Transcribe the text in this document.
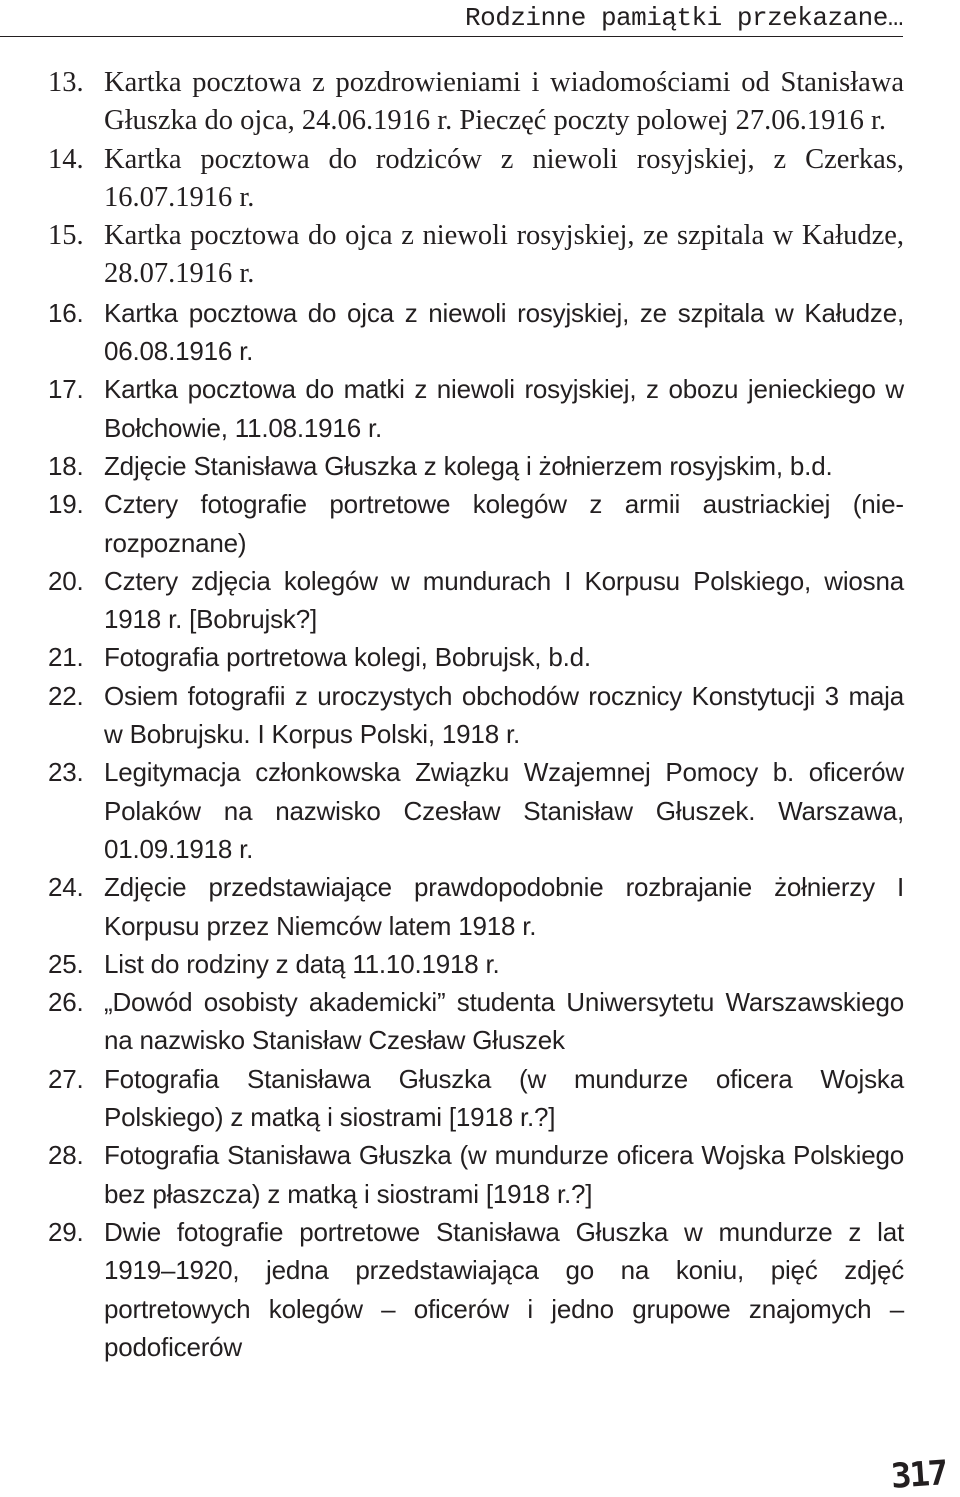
Rodzinne pamiątki przekazane…
13. Kartka pocztowa z pozdrowieniami i wiadomościami od Stanisława Głuszka do ojca, 24.06.1916 r. Pieczęć poczty polowej 27.06.1916 r.
14. Kartka pocztowa do rodziców z niewoli rosyjskiej, z Czerkas, 16.07.1916 r.
15. Kartka pocztowa do ojca z niewoli rosyjskiej, ze szpitala w Kałudze, 28.07.1916 r.
16. Kartka pocztowa do ojca z niewoli rosyjskiej, ze szpitala w Kałudze, 06.08.1916 r.
17. Kartka pocztowa do matki z niewoli rosyjskiej, z obozu jenieckiego w Bołchowie, 11.08.1916 r.
18. Zdjęcie Stanisława Głuszka z kolegą i żołnierzem rosyjskim, b.d.
19. Cztery fotografie portretowe kolegów z armii austriackiej (nierozpoznane)
20. Cztery zdjęcia kolegów w mundurach I Korpusu Polskiego, wiosna 1918 r. [Bobrujsk?]
21. Fotografia portretowa kolegi, Bobrujsk, b.d.
22. Osiem fotografii z uroczystych obchodów rocznicy Konstytucji 3 maja w Bobrujsku. I Korpus Polski, 1918 r.
23. Legitymacja członkowska Związku Wzajemnej Pomocy b. oficerów Polaków na nazwisko Czesław Stanisław Głuszek. Warszawa, 01.09.1918 r.
24. Zdjęcie przedstawiające prawdopodobnie rozbrajanie żołnierzy I Korpusu przez Niemców latem 1918 r.
25. List do rodziny z datą 11.10.1918 r.
26. „Dowód osobisty akademicki” studenta Uniwersytetu Warszawskiego na nazwisko Stanisław Czesław Głuszek
27. Fotografia Stanisława Głuszka (w mundurze oficera Wojska Polskiego) z matką i siostrami [1918 r.?]
28. Fotografia Stanisława Głuszka (w mundurze oficera Wojska Polskiego bez płaszcza) z matką i siostrami [1918 r.?]
29. Dwie fotografie portretowe Stanisława Głuszka w mundurze z lat 1919–1920, jedna przedstawiająca go na koniu, pięć zdjęć portretowych kolegów – oficerów i jedno grupowe znajomych – podoficerów
317
